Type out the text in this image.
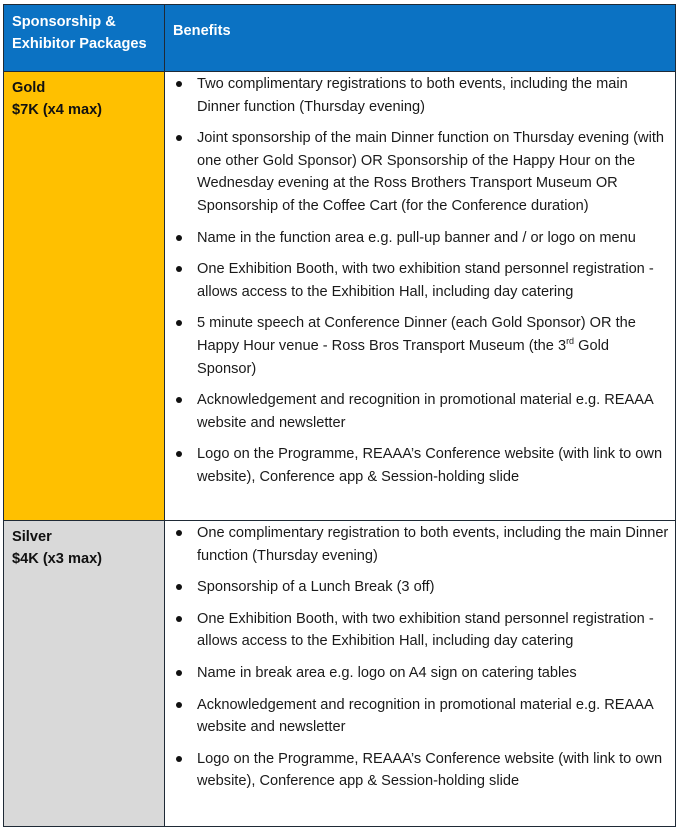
Sponsorship &
Exhibitor Packages
Benefits
Gold
$7K (x4 max)
Two complimentary registrations to both events, including the main Dinner function (Thursday evening)
Joint sponsorship of the main Dinner function on Thursday evening (with one other Gold Sponsor) OR Sponsorship of the Happy Hour on the Wednesday evening at the Ross Brothers Transport Museum OR Sponsorship of the Coffee Cart (for the Conference duration)
Name in the function area e.g. pull-up banner and / or logo on menu
One Exhibition Booth, with two exhibition stand personnel registration - allows access to the Exhibition Hall, including day catering
5 minute speech at Conference Dinner (each Gold Sponsor) OR the Happy Hour venue - Ross Bros Transport Museum (the 3rd Gold Sponsor)
Acknowledgement and recognition in promotional material e.g. REAAA website and newsletter
Logo on the Programme, REAAA’s Conference website (with link to own website), Conference app & Session-holding slide
Silver
$4K (x3 max)
One complimentary registration to both events, including the main Dinner function (Thursday evening)
Sponsorship of a Lunch Break (3 off)
One Exhibition Booth, with two exhibition stand personnel registration - allows access to the Exhibition Hall, including day catering
Name in break area e.g. logo on A4 sign on catering tables
Acknowledgement and recognition in promotional material e.g. REAAA website and newsletter
Logo on the Programme, REAAA’s Conference website (with link to own website), Conference app & Session-holding slide
